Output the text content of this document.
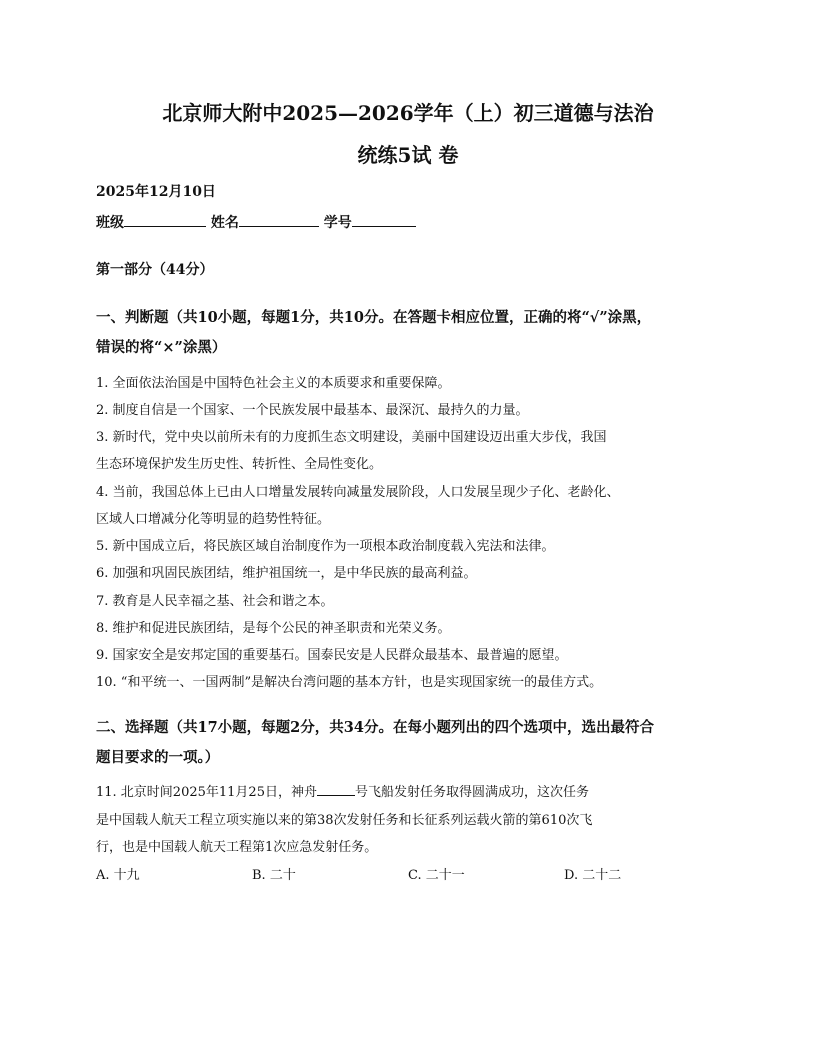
北京师大附中2025—2026学年（上）初三道德与法治
统练5试 卷
2025年12月10日
班级	姓名	学号
第一部分（44分）
一、判断题（共10小题，每题1分，共10分。在答题卡相应位置，正确的将“√”涂黑，
错误的将“×”涂黑）
1. 全面依法治国是中国特色社会主义的本质要求和重要保障。
2. 制度自信是一个国家、一个民族发展中最基本、最深沉、最持久的力量。
3. 新时代，党中央以前所未有的力度抓生态文明建设，美丽中国建设迈出重大步伐，我国
生态环境保护发生历史性、转折性、全局性变化。
4. 当前，我国总体上已由人口增量发展转向减量发展阶段，人口发展呈现少子化、老龄化、
区域人口增减分化等明显的趋势性特征。
5. 新中国成立后，将民族区域自治制度作为一项根本政治制度载入宪法和法律。
6. 加强和巩固民族团结，维护祖国统一，是中华民族的最高利益。
7. 教育是人民幸福之基、社会和谐之本。
8. 维护和促进民族团结，是每个公民的神圣职责和光荣义务。
9. 国家安全是安邦定国的重要基石。国泰民安是人民群众最基本、最普遍的愿望。
10. “和平统一、一国两制”是解决台湾问题的基本方针，也是实现国家统一的最佳方式。
二、选择题（共17小题，每题2分，共34分。在每小题列出的四个选项中，选出最符合
题目要求的一项。）
11. 北京时间2025年11月25日，神舟	号飞船发射任务取得圆满成功，这次任务
是中国载人航天工程立项实施以来的第38次发射任务和长征系列运载火箭的第610次飞
行，也是中国载人航天工程第1次应急发射任务。
A. 十九	B. 二十	C. 二十一	D. 二十二
